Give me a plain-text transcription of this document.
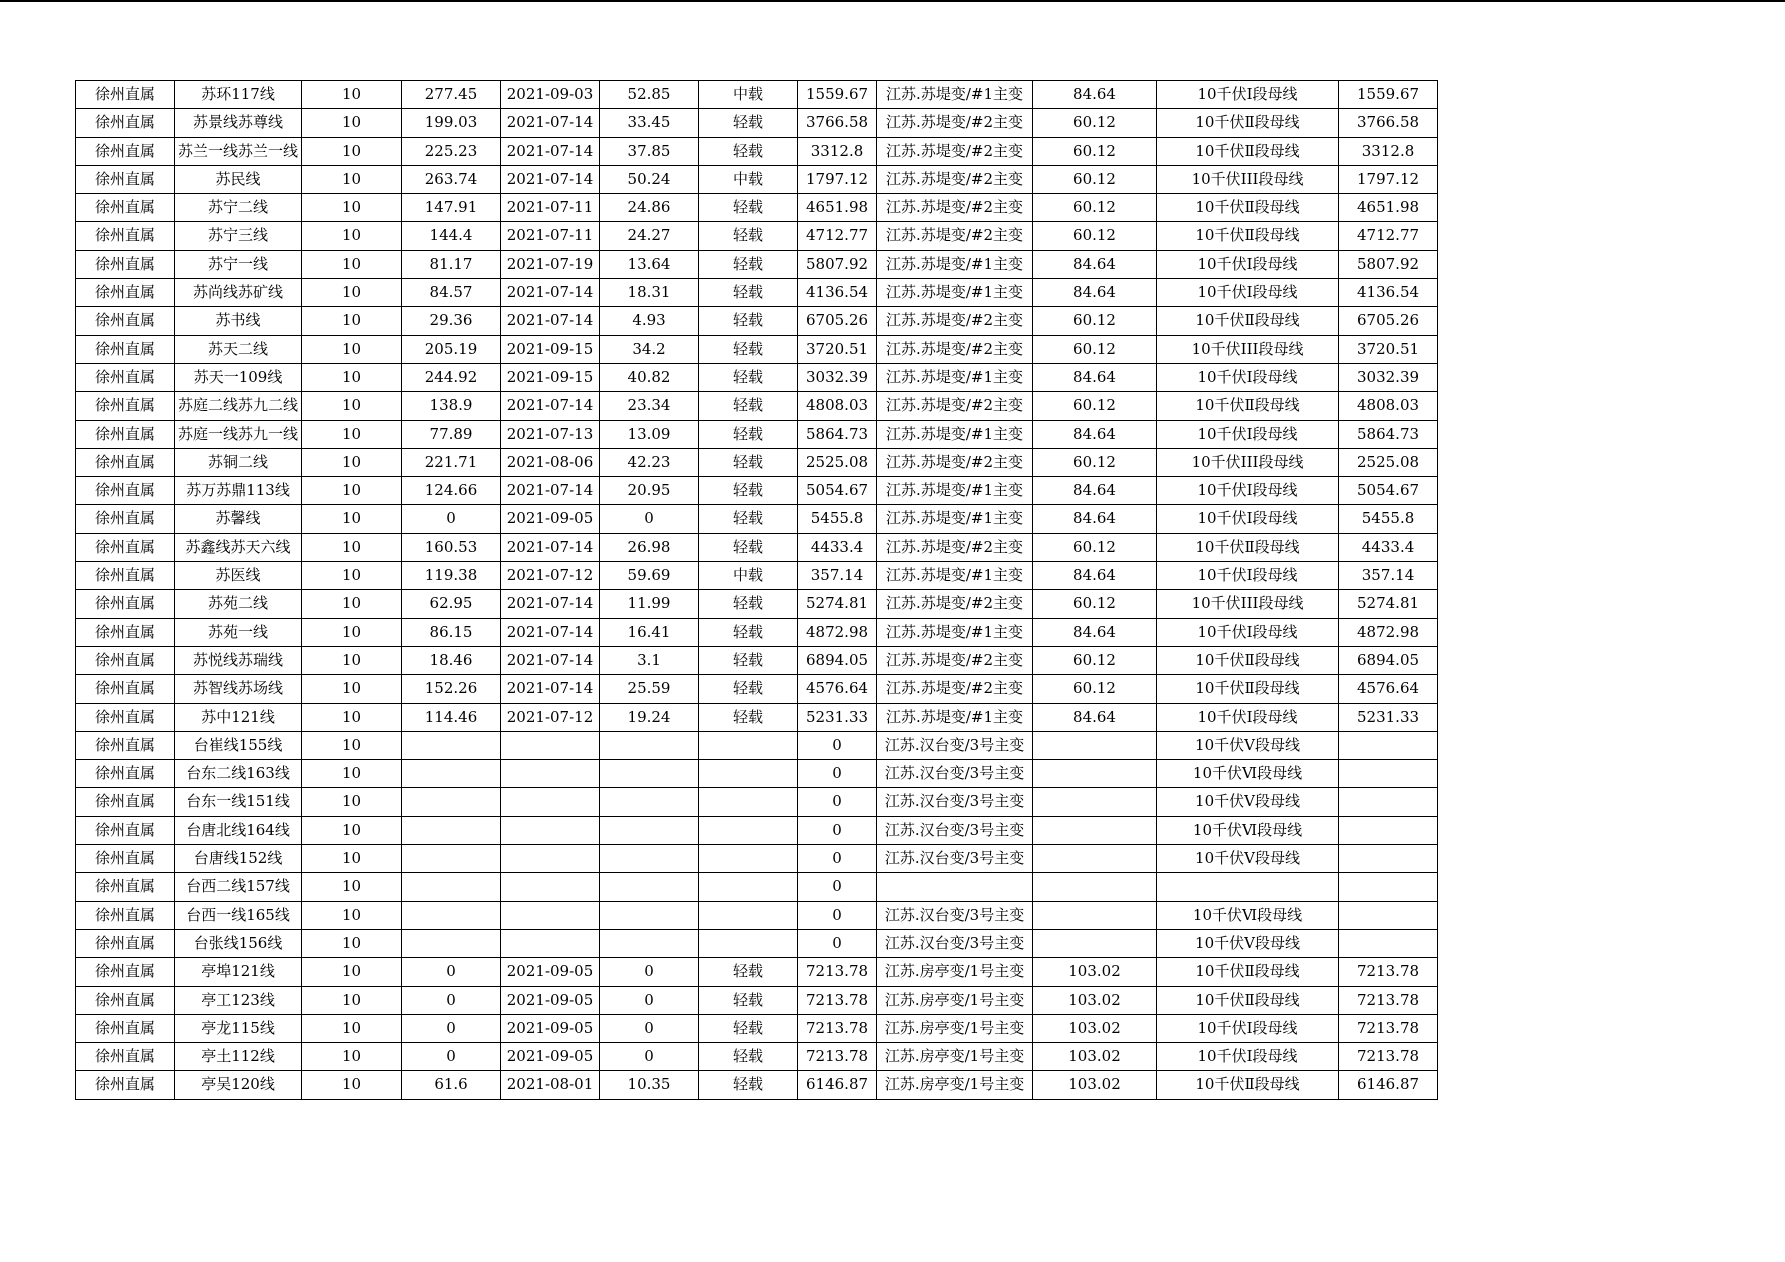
徐州直属	苏环117线	10	277.45	2021-09-03	52.85	中载	1559.67	江苏.苏堤变/#1主变	84.64	10千伏Ⅰ段母线	1559.67
徐州直属	苏景线苏尊线	10	199.03	2021-07-14	33.45	轻载	3766.58	江苏.苏堤变/#2主变	60.12	10千伏Ⅱ段母线	3766.58
徐州直属	苏兰一线苏兰一线	10	225.23	2021-07-14	37.85	轻载	3312.8	江苏.苏堤变/#2主变	60.12	10千伏Ⅱ段母线	3312.8
徐州直属	苏民线	10	263.74	2021-07-14	50.24	中载	1797.12	江苏.苏堤变/#2主变	60.12	10千伏III段母线	1797.12
徐州直属	苏宁二线	10	147.91	2021-07-11	24.86	轻载	4651.98	江苏.苏堤变/#2主变	60.12	10千伏Ⅱ段母线	4651.98
徐州直属	苏宁三线	10	144.4	2021-07-11	24.27	轻载	4712.77	江苏.苏堤变/#2主变	60.12	10千伏Ⅱ段母线	4712.77
徐州直属	苏宁一线	10	81.17	2021-07-19	13.64	轻载	5807.92	江苏.苏堤变/#1主变	84.64	10千伏Ⅰ段母线	5807.92
徐州直属	苏尚线苏矿线	10	84.57	2021-07-14	18.31	轻载	4136.54	江苏.苏堤变/#1主变	84.64	10千伏Ⅰ段母线	4136.54
徐州直属	苏书线	10	29.36	2021-07-14	4.93	轻载	6705.26	江苏.苏堤变/#2主变	60.12	10千伏Ⅱ段母线	6705.26
徐州直属	苏天二线	10	205.19	2021-09-15	34.2	轻载	3720.51	江苏.苏堤变/#2主变	60.12	10千伏III段母线	3720.51
徐州直属	苏天一109线	10	244.92	2021-09-15	40.82	轻载	3032.39	江苏.苏堤变/#1主变	84.64	10千伏Ⅰ段母线	3032.39
徐州直属	苏庭二线苏九二线	10	138.9	2021-07-14	23.34	轻载	4808.03	江苏.苏堤变/#2主变	60.12	10千伏Ⅱ段母线	4808.03
徐州直属	苏庭一线苏九一线	10	77.89	2021-07-13	13.09	轻载	5864.73	江苏.苏堤变/#1主变	84.64	10千伏Ⅰ段母线	5864.73
徐州直属	苏铜二线	10	221.71	2021-08-06	42.23	轻载	2525.08	江苏.苏堤变/#2主变	60.12	10千伏III段母线	2525.08
徐州直属	苏万苏鼎113线	10	124.66	2021-07-14	20.95	轻载	5054.67	江苏.苏堤变/#1主变	84.64	10千伏Ⅰ段母线	5054.67
徐州直属	苏馨线	10	0	2021-09-05	0	轻载	5455.8	江苏.苏堤变/#1主变	84.64	10千伏Ⅰ段母线	5455.8
徐州直属	苏鑫线苏天六线	10	160.53	2021-07-14	26.98	轻载	4433.4	江苏.苏堤变/#2主变	60.12	10千伏Ⅱ段母线	4433.4
徐州直属	苏医线	10	119.38	2021-07-12	59.69	中载	357.14	江苏.苏堤变/#1主变	84.64	10千伏Ⅰ段母线	357.14
徐州直属	苏苑二线	10	62.95	2021-07-14	11.99	轻载	5274.81	江苏.苏堤变/#2主变	60.12	10千伏III段母线	5274.81
徐州直属	苏苑一线	10	86.15	2021-07-14	16.41	轻载	4872.98	江苏.苏堤变/#1主变	84.64	10千伏Ⅰ段母线	4872.98
徐州直属	苏悦线苏瑞线	10	18.46	2021-07-14	3.1	轻载	6894.05	江苏.苏堤变/#2主变	60.12	10千伏Ⅱ段母线	6894.05
徐州直属	苏智线苏场线	10	152.26	2021-07-14	25.59	轻载	4576.64	江苏.苏堤变/#2主变	60.12	10千伏Ⅱ段母线	4576.64
徐州直属	苏中121线	10	114.46	2021-07-12	19.24	轻载	5231.33	江苏.苏堤变/#1主变	84.64	10千伏Ⅰ段母线	5231.33
徐州直属	台崔线155线	10					0	江苏.汉台变/3号主变		10千伏Ⅴ段母线	
徐州直属	台东二线163线	10					0	江苏.汉台变/3号主变		10千伏Ⅵ段母线	
徐州直属	台东一线151线	10					0	江苏.汉台变/3号主变		10千伏Ⅴ段母线	
徐州直属	台唐北线164线	10					0	江苏.汉台变/3号主变		10千伏Ⅵ段母线	
徐州直属	台唐线152线	10					0	江苏.汉台变/3号主变		10千伏Ⅴ段母线	
徐州直属	台西二线157线	10					0				
徐州直属	台西一线165线	10					0	江苏.汉台变/3号主变		10千伏Ⅵ段母线	
徐州直属	台张线156线	10					0	江苏.汉台变/3号主变		10千伏Ⅴ段母线	
徐州直属	亭埠121线	10	0	2021-09-05	0	轻载	7213.78	江苏.房亭变/1号主变	103.02	10千伏Ⅱ段母线	7213.78
徐州直属	亭工123线	10	0	2021-09-05	0	轻载	7213.78	江苏.房亭变/1号主变	103.02	10千伏Ⅱ段母线	7213.78
徐州直属	亭龙115线	10	0	2021-09-05	0	轻载	7213.78	江苏.房亭变/1号主变	103.02	10千伏Ⅰ段母线	7213.78
徐州直属	亭土112线	10	0	2021-09-05	0	轻载	7213.78	江苏.房亭变/1号主变	103.02	10千伏Ⅰ段母线	7213.78
徐州直属	亭吴120线	10	61.6	2021-08-01	10.35	轻载	6146.87	江苏.房亭变/1号主变	103.02	10千伏Ⅱ段母线	6146.87
